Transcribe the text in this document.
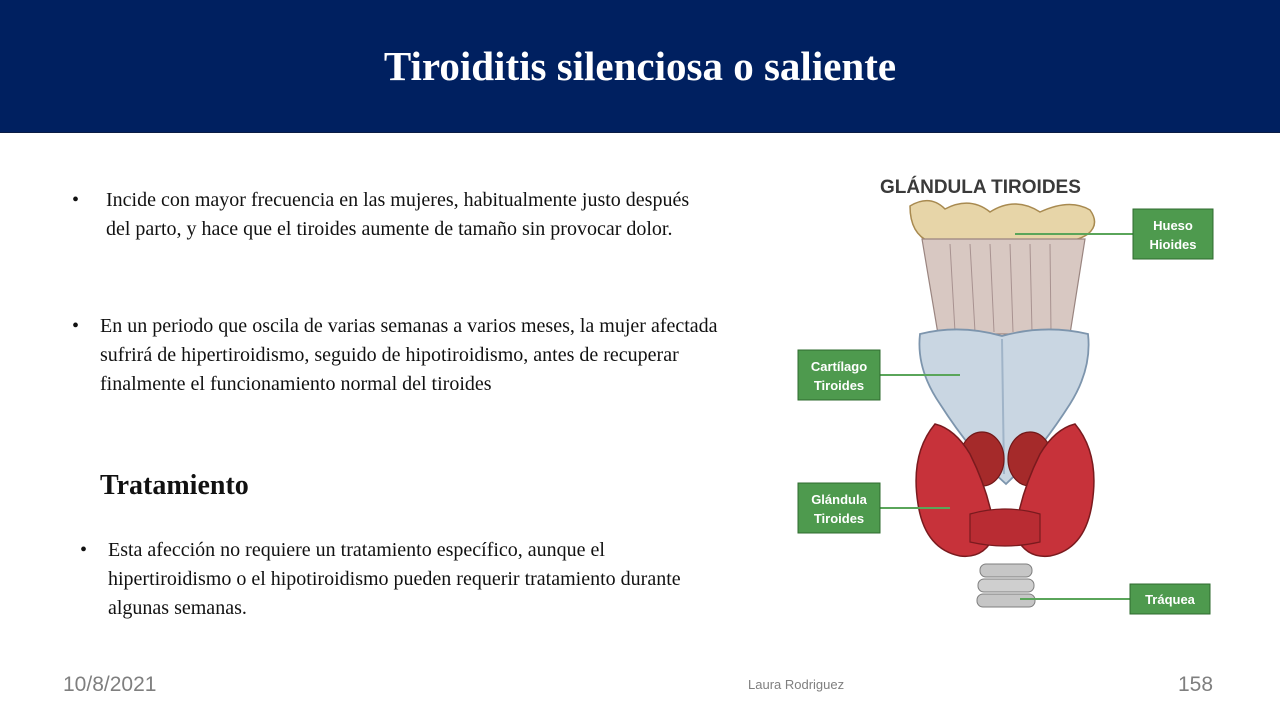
Tiroiditis silenciosa o saliente
•	Incide con mayor frecuencia en las mujeres, habitualmente justo después del parto, y hace que el tiroides aumente de tamaño sin provocar dolor.

•	En un periodo que oscila de varias semanas a varios meses, la mujer afectada sufrirá de hipertiroidismo, seguido de hipotiroidismo, antes de recuperar finalmente el funcionamiento normal del tiroides

Tratamiento
•	Esta afección no requiere un tratamiento específico, aunque el hipertiroidismo o el hipotiroidismo pueden requerir tratamiento durante algunas semanas.

GLÁNDULA TIROIDES
Hueso
Hioides
Cartílago
Tiroides
Glándula
Tiroides
Tráquea
10/8/2021	Laura Rodriguez	158
